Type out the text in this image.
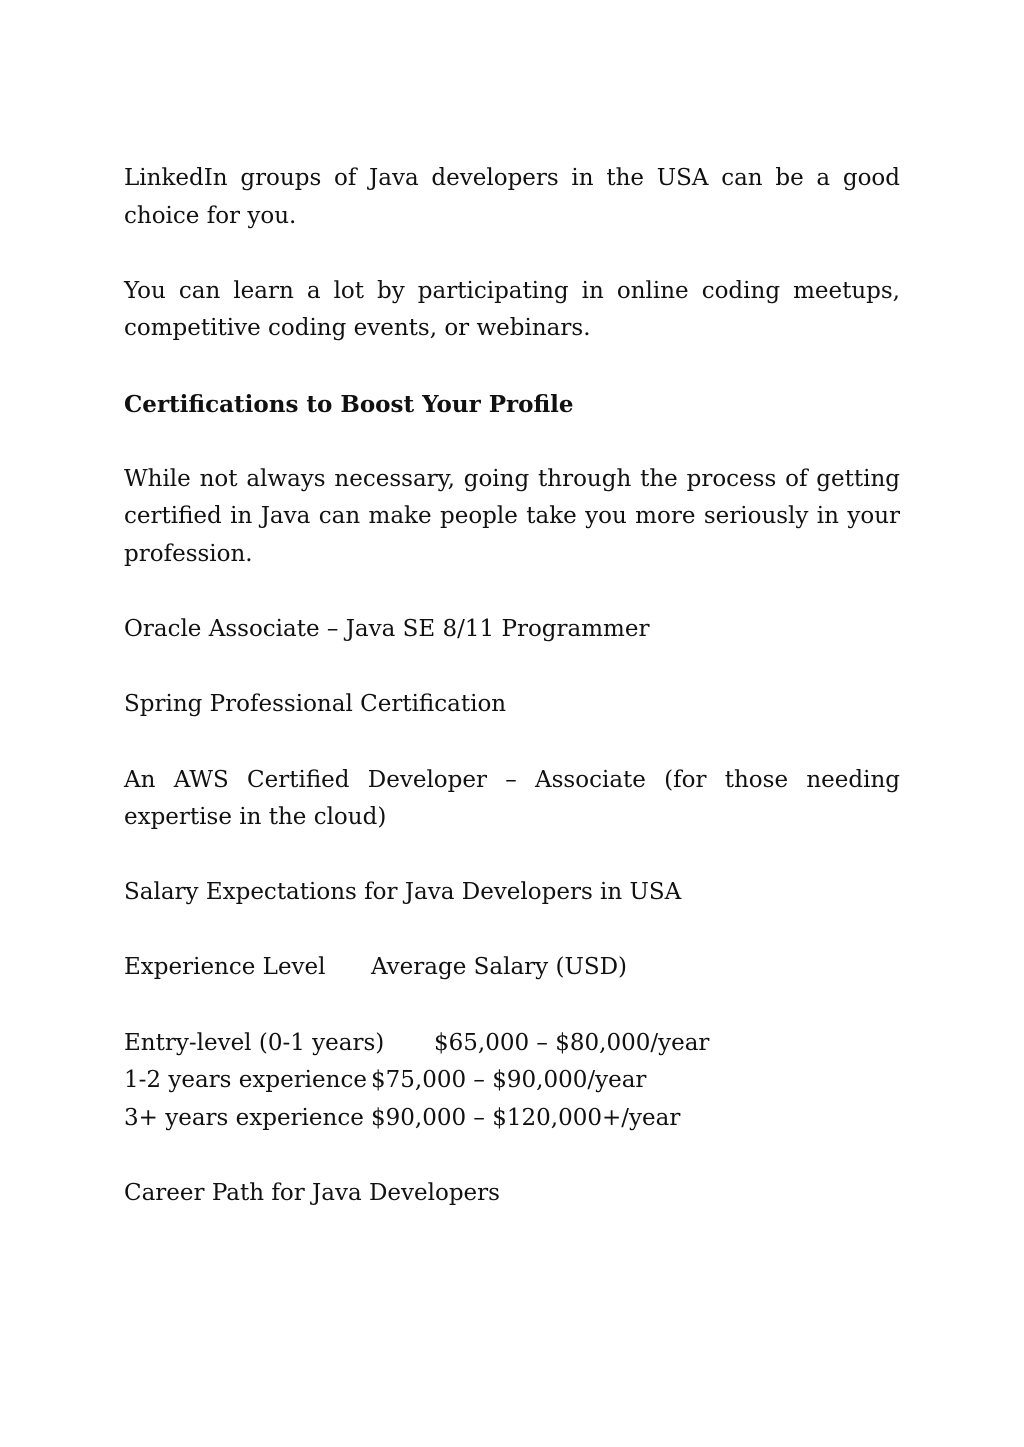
LinkedIn groups of Java developers in the USA can be a good choice for you.

You can learn a lot by participating in online coding meetups, competitive coding events, or webinars.

Certifications to Boost Your Profile

While not always necessary, going through the process of getting certified in Java can make people take you more seriously in your profession.

Oracle Associate – Java SE 8/11 Programmer

Spring Professional Certification

An AWS Certified Developer – Associate (for those needing expertise in the cloud)

Salary Expectations for Java Developers in USA

Experience Level Average Salary (USD)
Entry-level (0-1 years) $65,000 – $80,000/year
1-2 years experience $75,000 – $90,000/year
3+ years experience $90,000 – $120,000+/year

Career Path for Java Developers
